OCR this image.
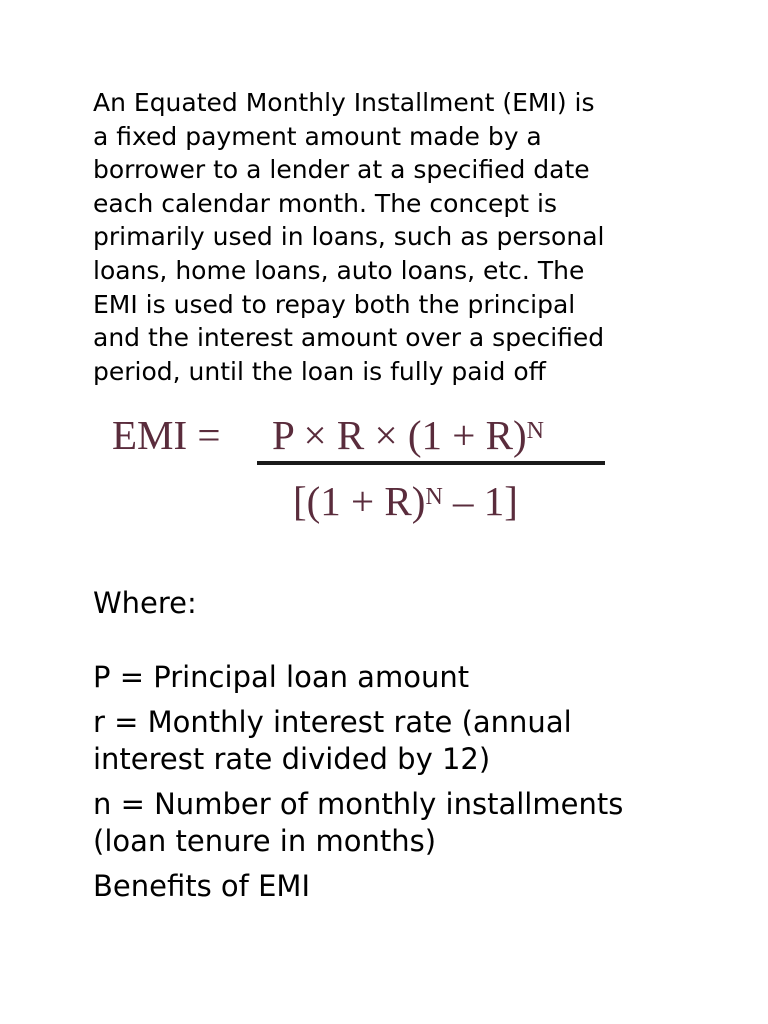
An Equated Monthly Installment (EMI) is
a fixed payment amount made by a
borrower to a lender at a specified date
each calendar month. The concept is
primarily used in loans, such as personal
loans, home loans, auto loans, etc. The
EMI is used to repay both the principal
and the interest amount over a specified
period, until the loan is fully paid off
EMI = $P \times R \times (1 + R)^N$
$[(1 + R)^N - 1]$

Where:

P = Principal loan amount

r = Monthly interest rate (annual
interest rate divided by 12)

n = Number of monthly installments
(loan tenure in months)

Benefits of EMI
